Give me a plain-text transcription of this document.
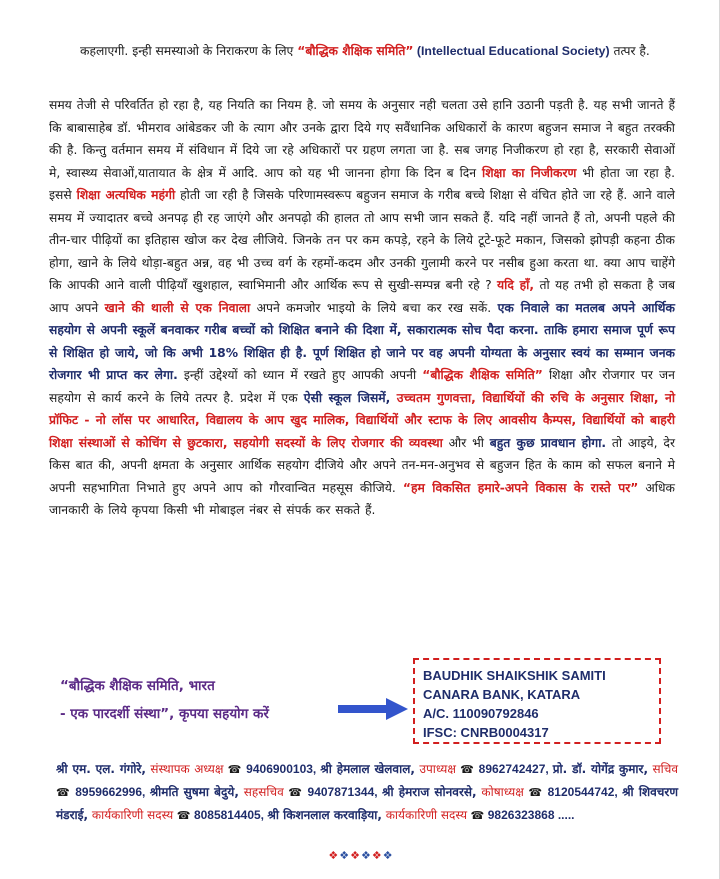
कहलाएगी. इन्ही समस्याओ के निराकरण के लिए “बौद्धिक शैक्षिक समिति” (Intellectual Educational Society) तत्पर है.
समय तेजी से परिवर्तित हो रहा है, यह नियति का नियम है. जो समय के अनुसार नही चलता उसे हानि उठानी पड़ती है. यह सभी जानते हैं कि बाबासाहेब डॉ. भीमराव आंबेडकर जी के त्याग और उनके द्वारा दिये गए सवैंधानिक अधिकारों के कारण बहुजन समाज ने बहुत तरक्की की है. किन्तु वर्तमान समय में संविधान में दिये जा रहे अधिकारों पर ग्रहण लगता जा है. सब जगह निजीकरण हो रहा है, सरकारी सेवाओं मे, स्वास्थ्य सेवाओं,यातायात के क्षेत्र में आदि. आप को यह भी जानना होगा कि दिन ब दिन शिक्षा का निजीकरण भी होता जा रहा है. इससे शिक्षा अत्यधिक महंगी होती जा रही है जिसके परिणामस्वरूप बहुजन समाज के गरीब बच्चे शिक्षा से वंचित होते जा रहे हैं. आने वाले समय में ज्यादातर बच्चे अनपढ़ ही रह जाएंगे और अनपढ़ो की हालत तो आप सभी जान सकते हैं. यदि नहीं जानते हैं तो, अपनी पहले की तीन-चार पीढ़ियों का इतिहास खोज कर देख लीजिये. जिनके तन पर कम कपड़े, रहने के लिये टूटे-फूटे मकान, जिसको झोपड़ी कहना ठीक होगा, खाने के लिये थोड़ा-बहुत अन्न, वह भी उच्च वर्ग के रहमों-कदम और उनकी गुलामी करने पर नसीब हुआ करता था. क्या आप चाहेंगे कि आपकी आने वाली पीढ़ियाँ खुशहाल, स्वाभिमानी और आर्थिक रूप से सुखी-सम्पन्न बनी रहे ? यदि हाँ, तो यह तभी हो सकता है जब आप अपने खाने की थाली से एक निवाला अपने कमजोर भाइयो के लिये बचा कर रख सकें. एक निवाले का मतलब अपने आर्थिक सहयोग से अपनी स्कूलें बनवाकर गरीब बच्चों को शिक्षित बनाने की दिशा में, सकारात्मक सोच पैदा करना. ताकि हमारा समाज पूर्ण रूप से शिक्षित हो जाये, जो कि अभी 18% शिक्षित ही है. पूर्ण शिक्षित हो जाने पर वह अपनी योग्यता के अनुसार स्वयं का सम्मान जनक रोजगार भी प्राप्त कर लेगा. इन्हीं उद्देश्यों को ध्यान में रखते हुए आपकी अपनी “बौद्धिक शैक्षिक समिति” शिक्षा और रोजगार पर जन सहयोग से कार्य करने के लिये तत्पर है. प्रदेश में एक ऐसी स्कूल जिसमें, उच्चतम गुणवत्ता, विद्यार्थियों की रुचि के अनुसार शिक्षा, नो प्रॉफिट - नो लॉस पर आधारित, विद्यालय के आप खुद मालिक, विद्यार्थियों और स्टाफ के लिए आवसीय कैम्पस, विद्यार्थियों को बाहरी शिक्षा संस्थाओं से कोचिंग से छुटकारा, सहयोगी सदस्यों के लिए रोजगार की व्यवस्था और भी बहुत कुछ प्रावधान होगा. तो आइये, देर किस बात की, अपनी क्षमता के अनुसार आर्थिक सहयोग दीजिये और अपने तन-मन-अनुभव से बहुजन हित के काम को सफल बनाने मे अपनी सहभागिता निभाते हुए अपने आप को गौरवान्वित महसूस कीजिये. “हम विकसित हमारे-अपने विकास के रास्ते पर” अधिक जानकारी के लिये कृपया किसी भी मोबाइल नंबर से संपर्क कर सकते हैं.
“बौद्धिक शैक्षिक समिति, भारत
- एक पारदर्शी संस्था”, कृपया सहयोग करें
BAUDHIK SHAIKSHIK SAMITI
CANARA BANK, KATARA
A/C. 110090792846
IFSC: CNRB0004317
श्री एम. एल. गंगोरे, संस्थापक अध्यक्ष ☎ 9406900103, श्री हेमलाल खेलवाल, उपाध्यक्ष ☎ 8962742427, प्रो. डॉ. योगेंद्र कुमार, सचिव ☎ 8959662996, श्रीमति सुषमा बेदुये, सहसचिव ☎ 9407871344, श्री हेमराज सोनवरसे, कोषाध्यक्ष ☎ 8120544742, श्री शिवचरण मंडराई, कार्यकारिणी सदस्य ☎ 8085814405, श्री किशनलाल करवाड़िया, कार्यकारिणी सदस्य ☎ 9826323868 .....
❖❖❖❖❖❖
